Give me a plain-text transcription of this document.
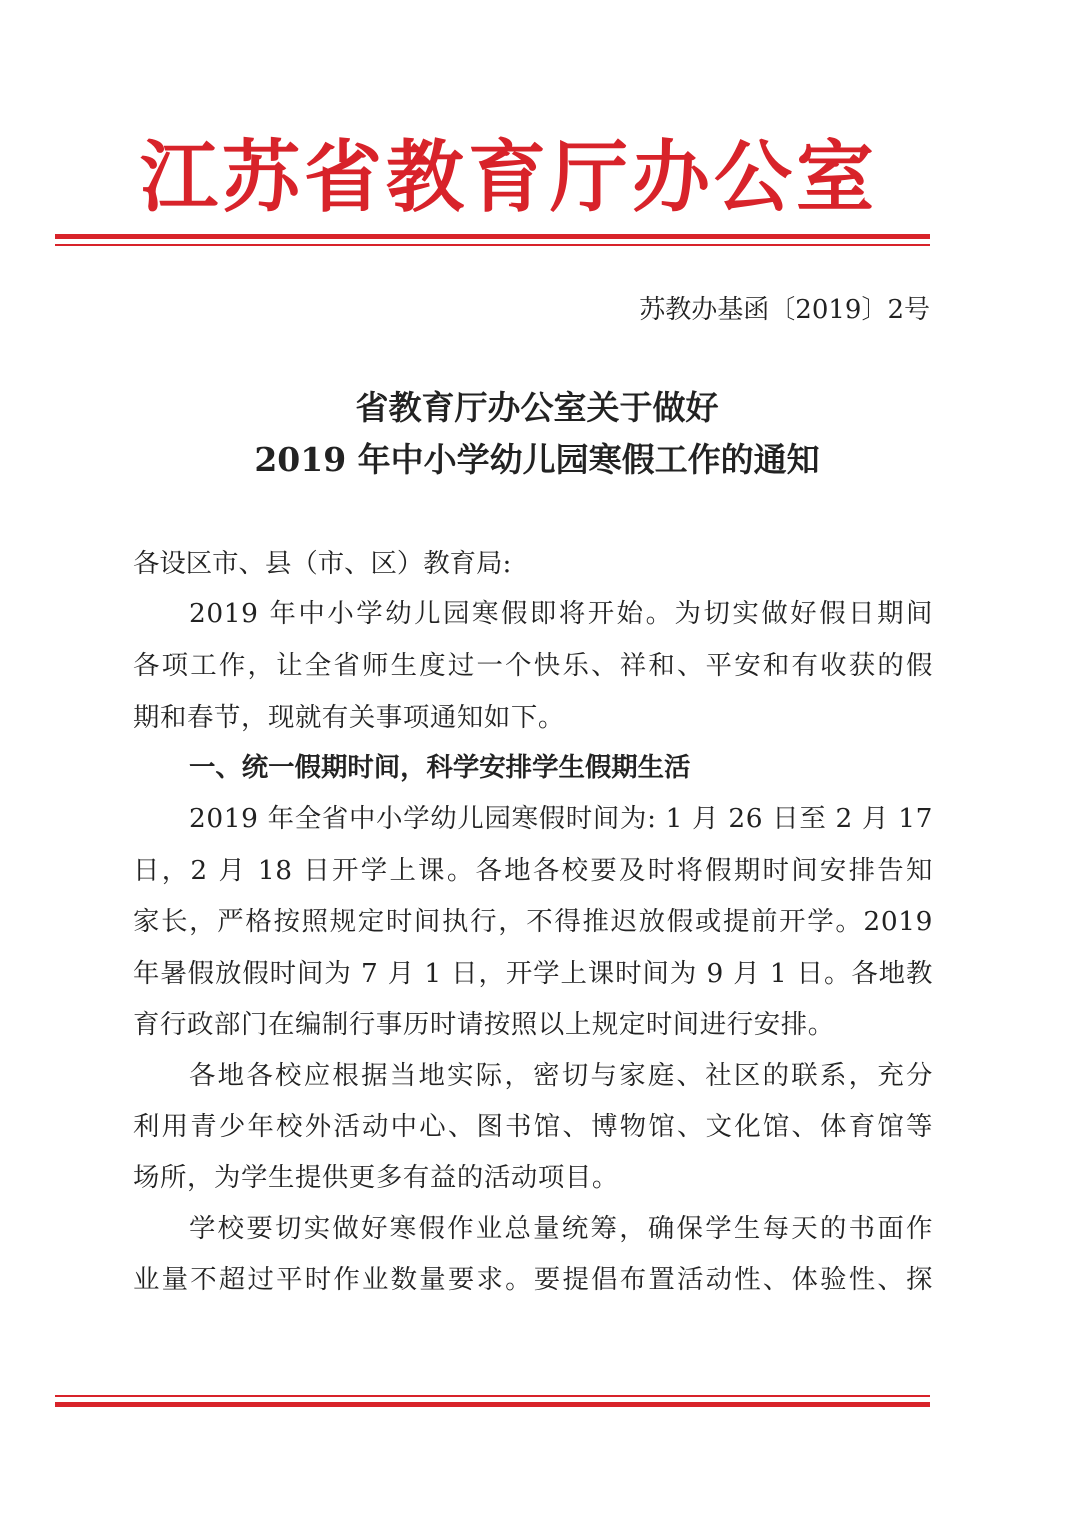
江苏省教育厅办公室
苏教办基函〔2019〕2号
省教育厅办公室关于做好
2019 年中小学幼儿园寒假工作的通知
各设区市、县（市、区）教育局:
2019 年中小学幼儿园寒假即将开始。为切实做好假日期间
各项工作，让全省师生度过一个快乐、祥和、平安和有收获的假
期和春节，现就有关事项通知如下。
一、统一假期时间，科学安排学生假期生活
2019 年全省中小学幼儿园寒假时间为: 1 月 26 日至 2 月 17
日，2 月 18 日开学上课。各地各校要及时将假期时间安排告知
家长，严格按照规定时间执行，不得推迟放假或提前开学。2019
年暑假放假时间为 7 月 1 日，开学上课时间为 9 月 1 日。各地教
育行政部门在编制行事历时请按照以上规定时间进行安排。
各地各校应根据当地实际，密切与家庭、社区的联系，充分
利用青少年校外活动中心、图书馆、博物馆、文化馆、体育馆等
场所，为学生提供更多有益的活动项目。
学校要切实做好寒假作业总量统筹，确保学生每天的书面作
业量不超过平时作业数量要求。要提倡布置活动性、体验性、探
